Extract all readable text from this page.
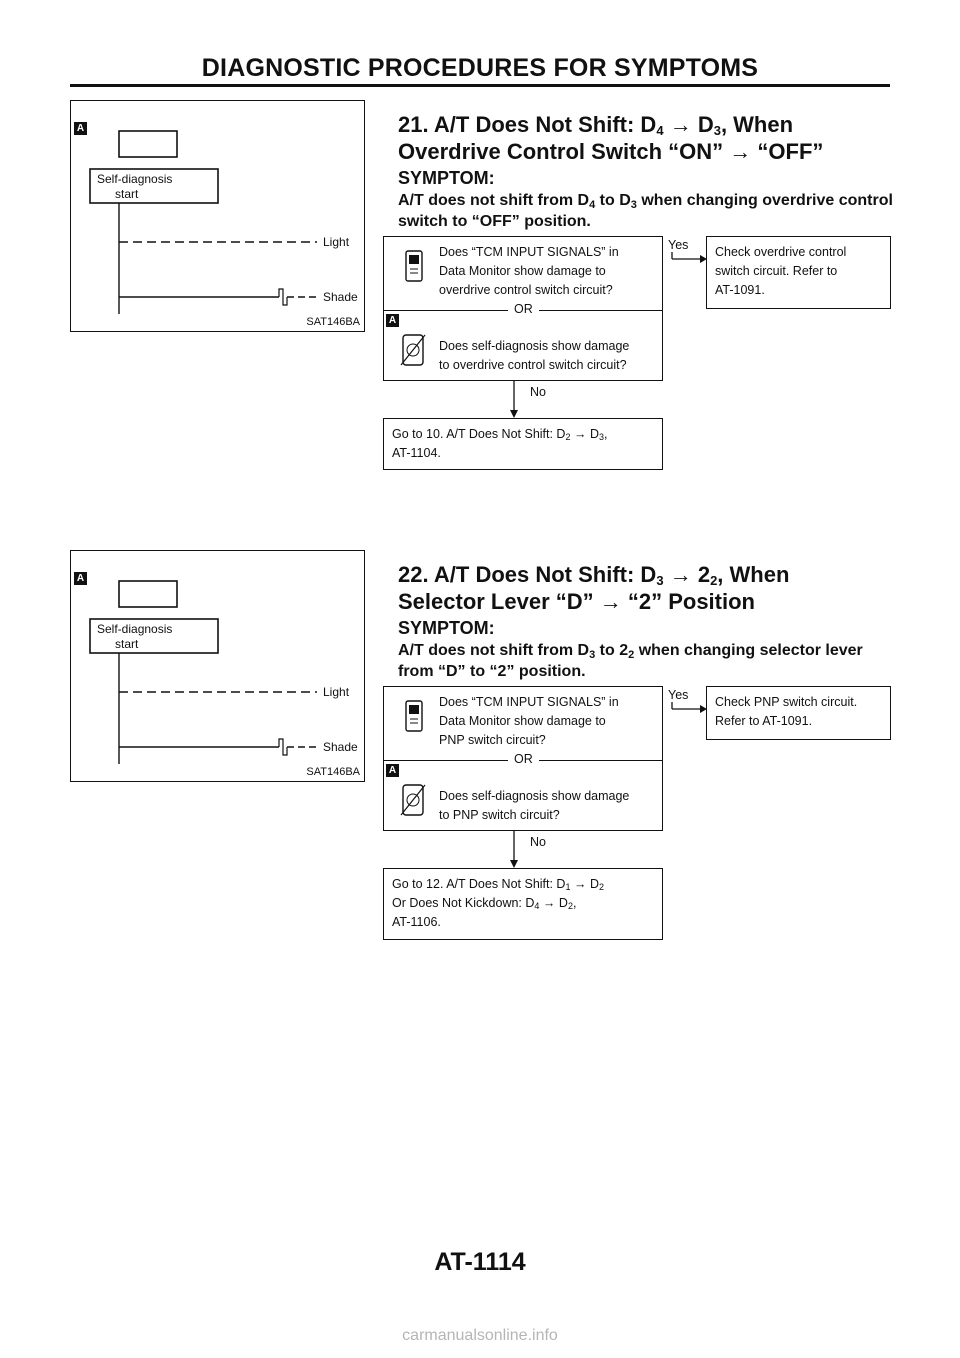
DIAGNOSTIC PROCEDURES FOR SYMPTOMS
A
Self-diagnosis
start
Light
Shade
SAT146BA
21. A/T Does Not Shift: $D_4 \to D_3$, When
Overdrive Control Switch “ON” → “OFF”
SYMPTOM:
A/T does not shift from $D_4$ to $D_3$ when changing overdrive control switch to “OFF” position.
Does “TCM INPUT SIGNALS” in
Data Monitor show damage to
overdrive control switch circuit?
OR
A
Does self-diagnosis show damage
to overdrive control switch circuit?
Yes Check overdrive control
switch circuit. Refer to
AT-1091.
No
Go to 10. A/T Does Not Shift: $D_2 \to D_3$,
AT-1104.
A
Self-diagnosis
start
Light
Shade
SAT146BA
22. A/T Does Not Shift: $D_3 \to 2_2$, When
Selector Lever “D” → “2” Position
SYMPTOM:
A/T does not shift from $D_3$ to $2_2$ when changing selector lever from “D” to “2” position.
Does “TCM INPUT SIGNALS” in
Data Monitor show damage to
PNP switch circuit?
OR
A
Does self-diagnosis show damage
to PNP switch circuit?
Yes Check PNP switch circuit.
Refer to AT-1091.
No
Go to 12. A/T Does Not Shift: $D_1 \to D_2$
Or Does Not Kickdown: $D_4 \to D_2$,
AT-1106.
AT-1114
carmanualsonline.info
